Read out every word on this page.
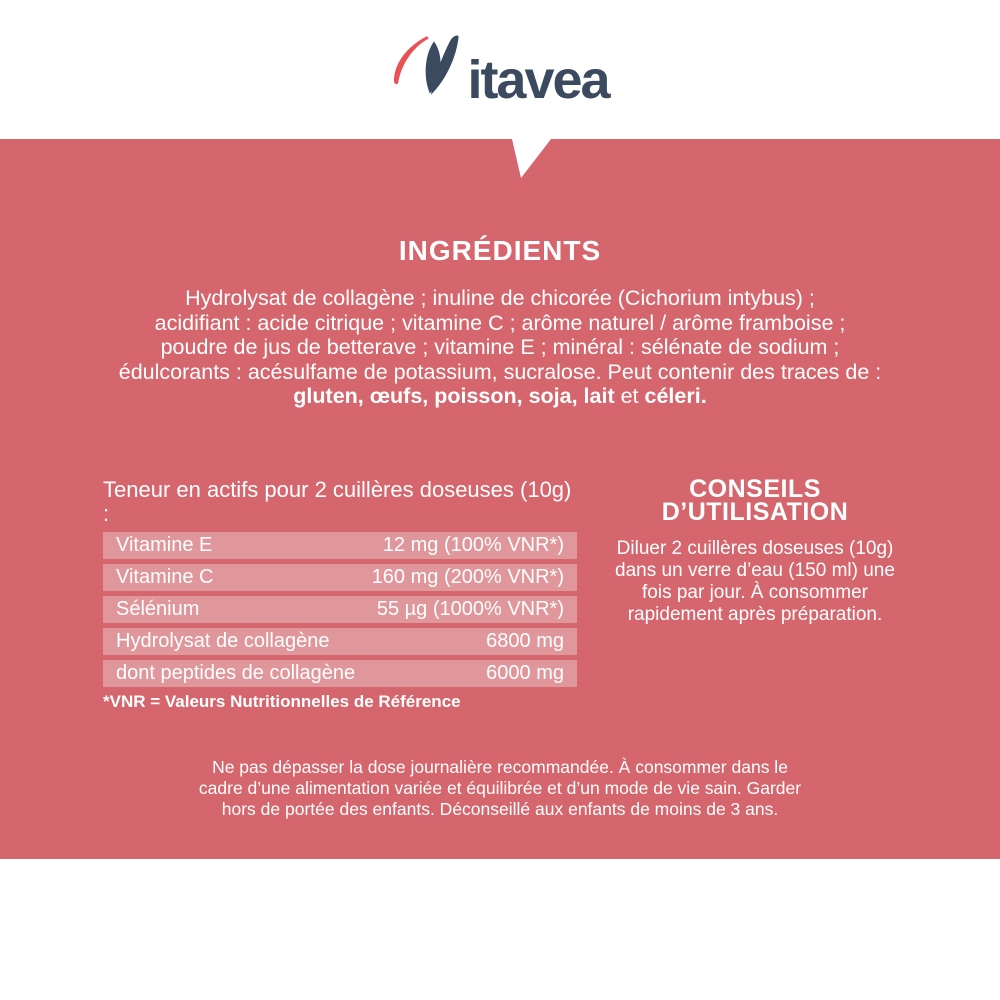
itavea
INGRÉDIENTS
Hydrolysat de collagène ; inuline de chicorée (Cichorium intybus) ;
acidifiant : acide citrique ; vitamine C ; arôme naturel / arôme framboise ;
poudre de jus de betterave ; vitamine E ; minéral : sélénate de sodium ;
édulcorants : acésulfame de potassium, sucralose. Peut contenir des traces de :
gluten, œufs, poisson, soja, lait et céleri.
Teneur en actifs pour 2 cuillères doseuses (10g) :
Vitamine E	12 mg (100% VNR*)
Vitamine C	160 mg (200% VNR*)
Sélénium	55 µg (1000% VNR*)
Hydrolysat de collagène	6800 mg
dont peptides de collagène	6000 mg
*VNR = Valeurs Nutritionnelles de Référence
CONSEILS
D’UTILISATION
Diluer 2 cuillères doseuses (10g)
dans un verre d’eau (150 ml) une
fois par jour. À consommer
rapidement après préparation.
Ne pas dépasser la dose journalière recommandée. À consommer dans le
cadre d’une alimentation variée et équilibrée et d’un mode de vie sain. Garder
hors de portée des enfants. Déconseillé aux enfants de moins de 3 ans.
